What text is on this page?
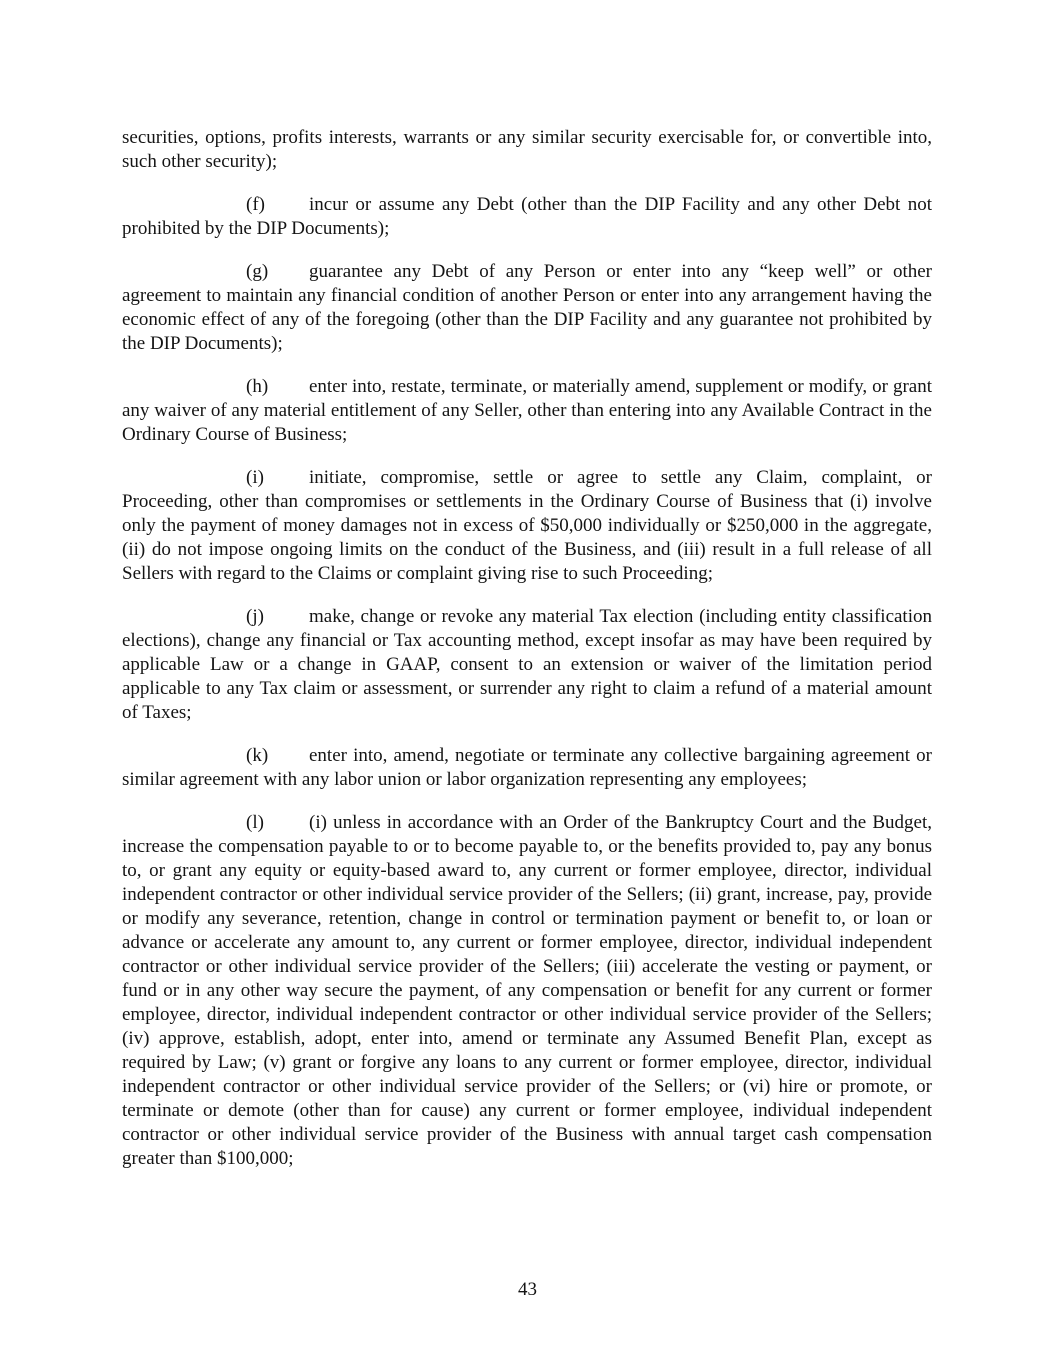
securities, options, profits interests, warrants or any similar security exercisable for, or convertible into, such other security);

(f) incur or assume any Debt (other than the DIP Facility and any other Debt not prohibited by the DIP Documents);

(g) guarantee any Debt of any Person or enter into any “keep well” or other agreement to maintain any financial condition of another Person or enter into any arrangement having the economic effect of any of the foregoing (other than the DIP Facility and any guarantee not prohibited by the DIP Documents);

(h) enter into, restate, terminate, or materially amend, supplement or modify, or grant any waiver of any material entitlement of any Seller, other than entering into any Available Contract in the Ordinary Course of Business;

(i) initiate, compromise, settle or agree to settle any Claim, complaint, or Proceeding, other than compromises or settlements in the Ordinary Course of Business that (i) involve only the payment of money damages not in excess of $50,000 individually or $250,000 in the aggregate, (ii) do not impose ongoing limits on the conduct of the Business, and (iii) result in a full release of all Sellers with regard to the Claims or complaint giving rise to such Proceeding;

(j) make, change or revoke any material Tax election (including entity classification elections), change any financial or Tax accounting method, except insofar as may have been required by applicable Law or a change in GAAP, consent to an extension or waiver of the limitation period applicable to any Tax claim or assessment, or surrender any right to claim a refund of a material amount of Taxes;

(k) enter into, amend, negotiate or terminate any collective bargaining agreement or similar agreement with any labor union or labor organization representing any employees;

(l) (i) unless in accordance with an Order of the Bankruptcy Court and the Budget, increase the compensation payable to or to become payable to, or the benefits provided to, pay any bonus to, or grant any equity or equity-based award to, any current or former employee, director, individual independent contractor or other individual service provider of the Sellers; (ii) grant, increase, pay, provide or modify any severance, retention, change in control or termination payment or benefit to, or loan or advance or accelerate any amount to, any current or former employee, director, individual independent contractor or other individual service provider of the Sellers; (iii) accelerate the vesting or payment, or fund or in any other way secure the payment, of any compensation or benefit for any current or former employee, director, individual independent contractor or other individual service provider of the Sellers; (iv) approve, establish, adopt, enter into, amend or terminate any Assumed Benefit Plan, except as required by Law; (v) grant or forgive any loans to any current or former employee, director, individual independent contractor or other individual service provider of the Sellers; or (vi) hire or promote, or terminate or demote (other than for cause) any current or former employee, individual independent contractor or other individual service provider of the Business with annual target cash compensation greater than $100,000;

43
